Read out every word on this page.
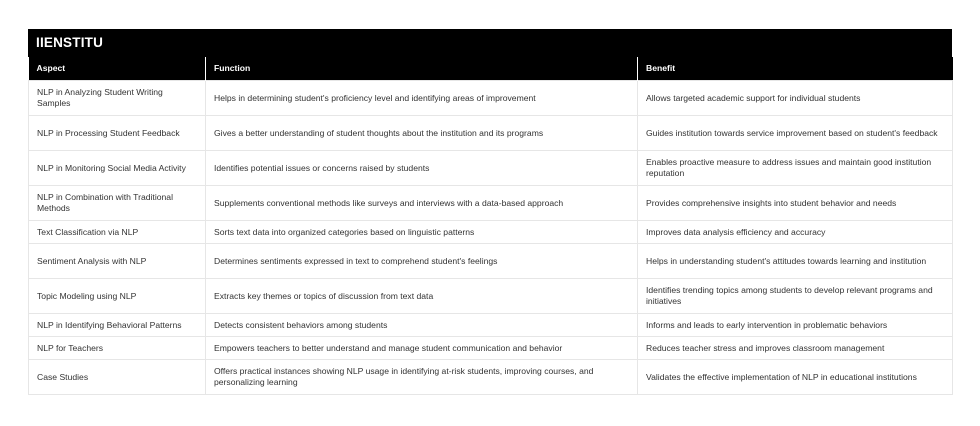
IIENSTITU
Aspect	Function	Benefit
NLP in Analyzing Student Writing Samples	Helps in determining student's proficiency level and identifying areas of improvement	Allows targeted academic support for individual students
NLP in Processing Student Feedback	Gives a better understanding of student thoughts about the institution and its programs	Guides institution towards service improvement based on student's feedback
NLP in Monitoring Social Media Activity	Identifies potential issues or concerns raised by students	Enables proactive measure to address issues and maintain good institution reputation
NLP in Combination with Traditional Methods	Supplements conventional methods like surveys and interviews with a data-based approach	Provides comprehensive insights into student behavior and needs
Text Classification via NLP	Sorts text data into organized categories based on linguistic patterns	Improves data analysis efficiency and accuracy
Sentiment Analysis with NLP	Determines sentiments expressed in text to comprehend student's feelings	Helps in understanding student's attitudes towards learning and institution
Topic Modeling using NLP	Extracts key themes or topics of discussion from text data	Identifies trending topics among students to develop relevant programs and initiatives
NLP in Identifying Behavioral Patterns	Detects consistent behaviors among students	Informs and leads to early intervention in problematic behaviors
NLP for Teachers	Empowers teachers to better understand and manage student communication and behavior	Reduces teacher stress and improves classroom management
Case Studies	Offers practical instances showing NLP usage in identifying at-risk students, improving courses, and personalizing learning	Validates the effective implementation of NLP in educational institutions
